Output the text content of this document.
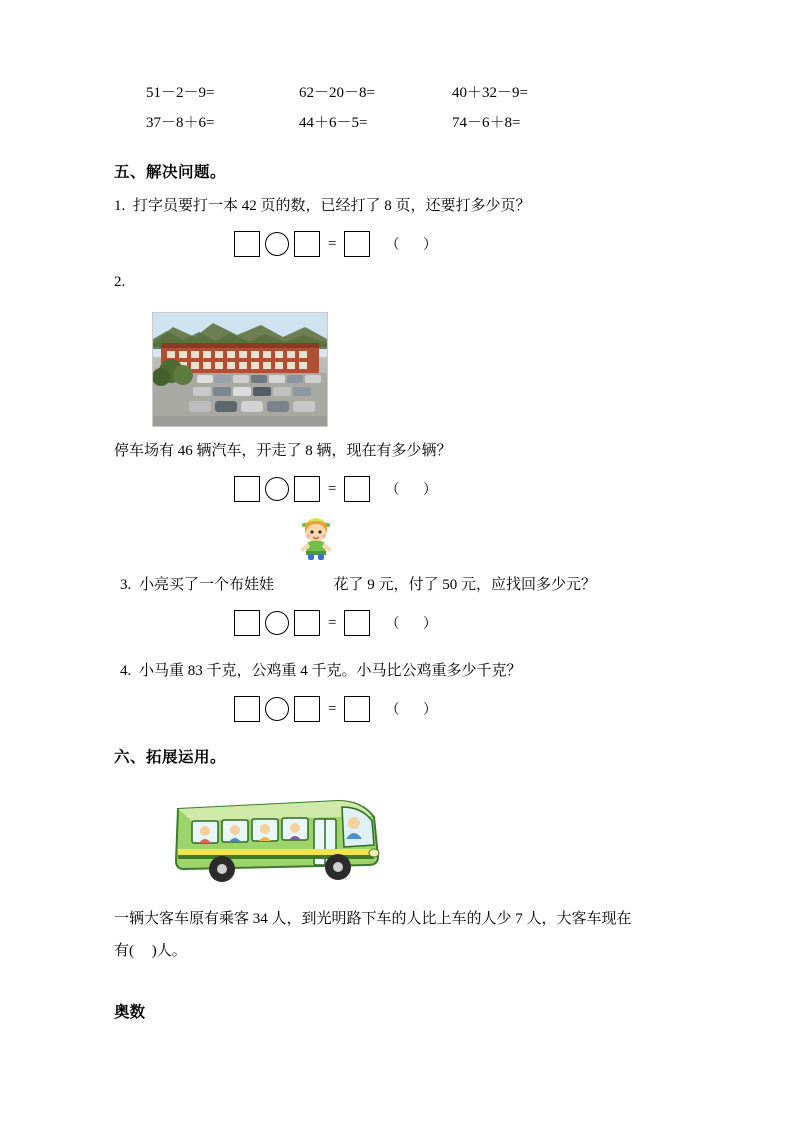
51－2－9=	62－20－8=	40＋32－9=
37－8＋6=	44＋6－5=	74－6＋8=
五、解决问题。
1. 打字员要打一本 42 页的数，已经打了 8 页，还要打多少页？
=	（ ）
2.
停车场有 46 辆汽车，开走了 8 辆，现在有多少辆？
=	（ ）
3. 小亮买了一个布娃娃	花了 9 元，付了 50 元，应找回多少元？
=	（ ）
4. 小马重 83 千克，公鸡重 4 千克。小马比公鸡重多少千克？
=	（ ）
六、拓展运用。
一辆大客车原有乘客 34 人，到光明路下车的人比上车的人少 7 人，大客车现在
有( )人。
奥数
